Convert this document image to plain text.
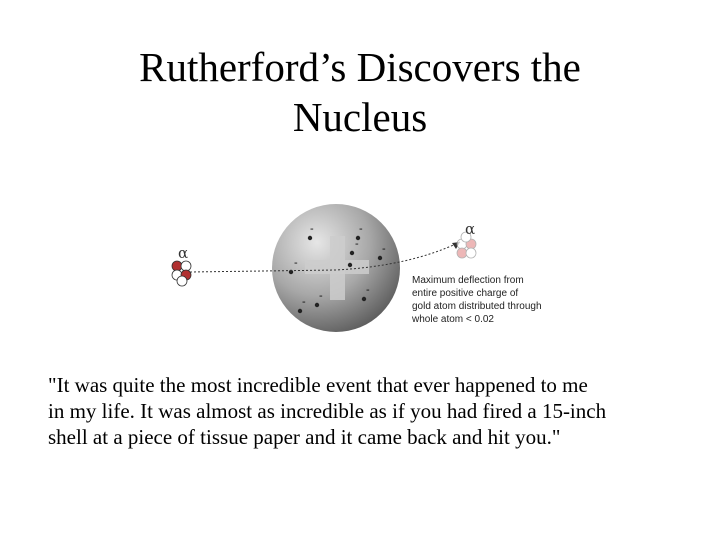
Rutherford’s Discovers the
Nucleus
-	-
- -
-
-	-
-
α
α
Maximum deflection from
entire positive charge of
gold atom distributed through
whole atom < 0.02

"It was quite the most incredible event that ever happened to me
in my life. It was almost as incredible as if you had fired a 15-inch
shell at a piece of tissue paper and it came back and hit you."
